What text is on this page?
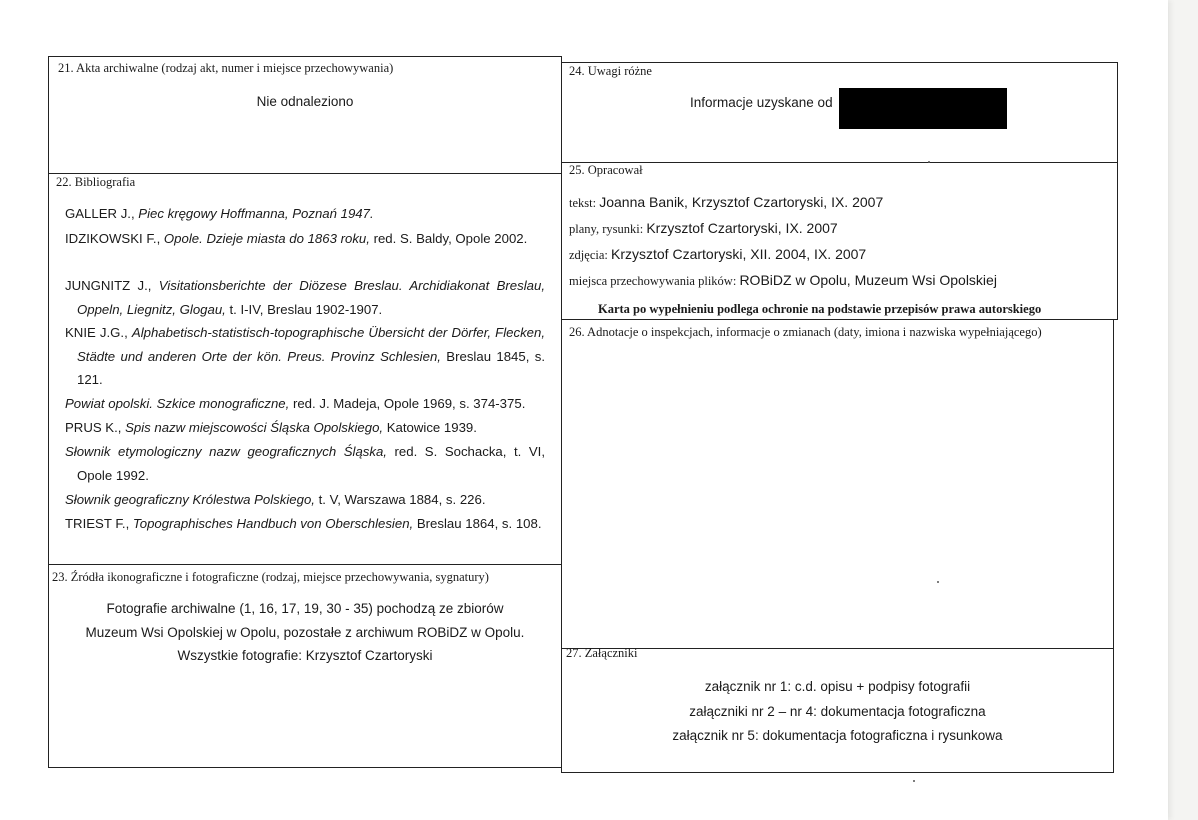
21. Akta archiwalne (rodzaj akt, numer i miejsce przechowywania)
Nie odnaleziono
22. Bibliografia
GALLER J., Piec kręgowy Hoffmanna, Poznań 1947.
IDZIKOWSKI F., Opole. Dzieje miasta do 1863 roku, red. S. Baldy, Opole 2002.
JUNGNITZ J., Visitationsberichte der Diözese Breslau. Archidiakonat Breslau, Oppeln, Liegnitz, Glogau, t. I-IV, Breslau 1902-1907.
KNIE J.G., Alphabetisch-statistisch-topographische Übersicht der Dörfer, Flecken, Städte und anderen Orte der kön. Preus. Provinz Schlesien, Breslau 1845, s. 121.
Powiat opolski. Szkice monograficzne, red. J. Madeja, Opole 1969, s. 374-375.
PRUS K., Spis nazw miejscowości Śląska Opolskiego, Katowice 1939.
Słownik etymologiczny nazw geograficznych Śląska, red. S. Sochacka, t. VI, Opole 1992.
Słownik geograficzny Królestwa Polskiego, t. V, Warszawa 1884, s. 226.
TRIEST F., Topographisches Handbuch von Oberschlesien, Breslau 1864, s. 108.
23. Źródła ikonograficzne i fotograficzne (rodzaj, miejsce przechowywania, sygnatury)
Fotografie archiwalne (1, 16, 17, 19, 30 - 35) pochodzą ze zbiorów
Muzeum Wsi Opolskiej w Opolu, pozostałe z archiwum ROBiDZ w Opolu.
Wszystkie fotografie: Krzysztof Czartoryski
24. Uwagi różne
Informacje uzyskane od
25. Opracował
tekst: Joanna Banik, Krzysztof Czartoryski, IX. 2007
plany, rysunki: Krzysztof Czartoryski, IX. 2007
zdjęcia: Krzysztof Czartoryski, XII. 2004, IX. 2007
miejsca przechowywania plików: ROBiDZ w Opolu, Muzeum Wsi Opolskiej
Karta po wypełnieniu podlega ochronie na podstawie przepisów prawa autorskiego
26. Adnotacje o inspekcjach, informacje o zmianach (daty, imiona i nazwiska wypełniającego)
27. Załączniki
załącznik nr 1: c.d. opisu + podpisy fotografii
załączniki nr 2 – nr 4: dokumentacja fotograficzna
załącznik nr 5: dokumentacja fotograficzna i rysunkowa
